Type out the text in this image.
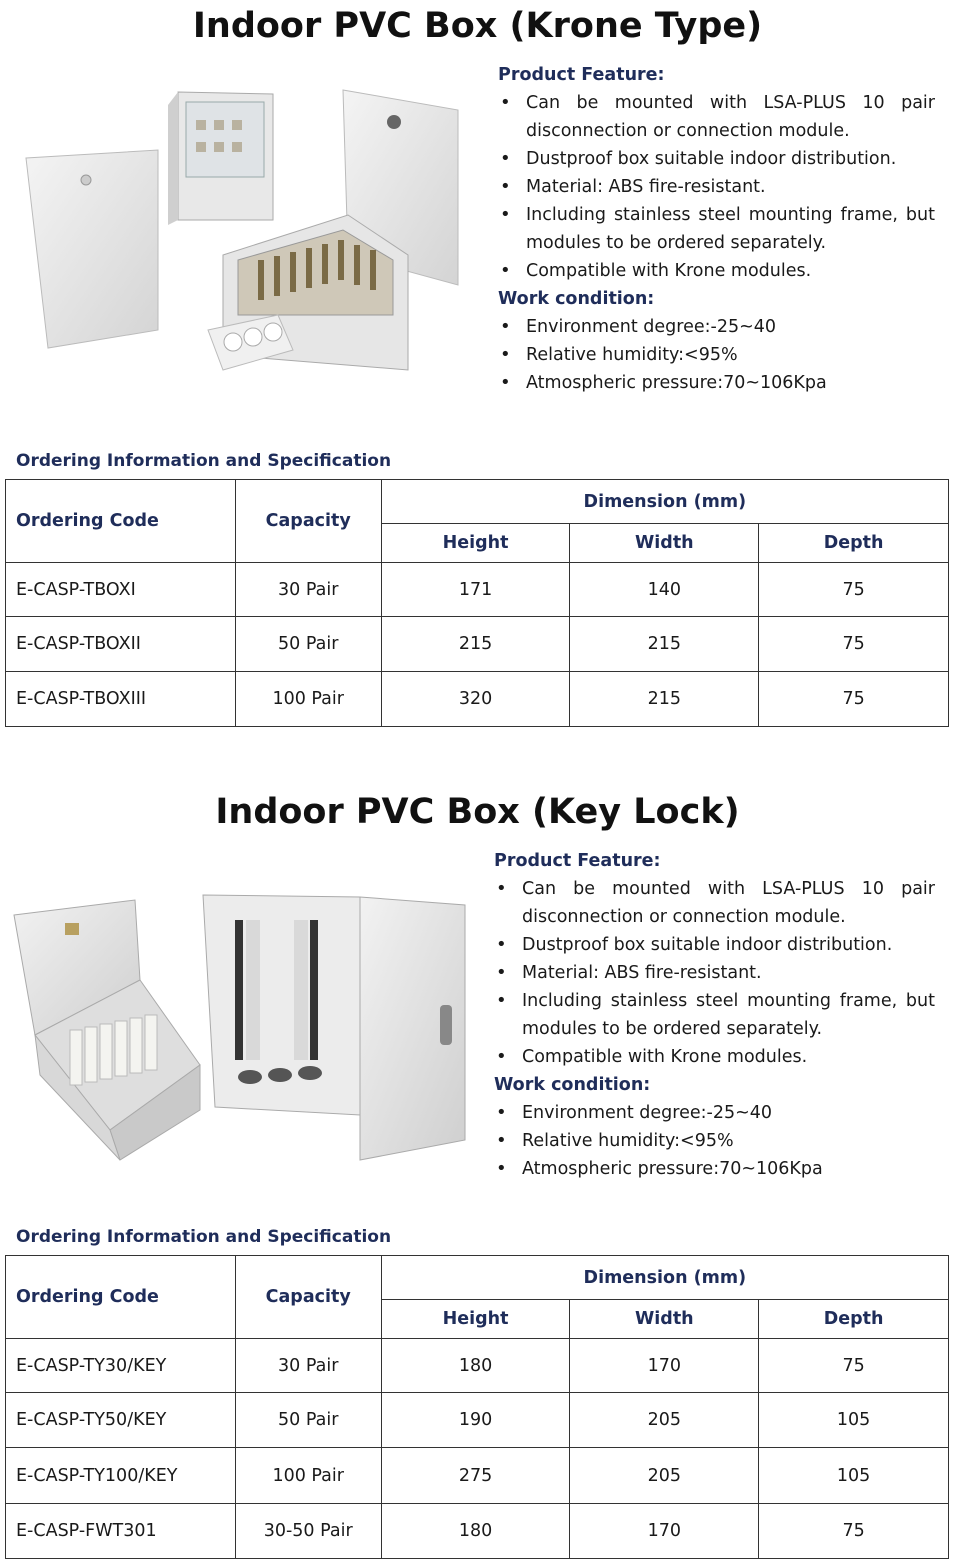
Indoor PVC Box (Krone Type)
Product Feature:
• Can be mounted with LSA-PLUS 10 pair disconnection or connection module.
• Dustproof box suitable indoor distribution.
• Material: ABS fire-resistant.
• Including stainless steel mounting frame, but modules to be ordered separately.
• Compatible with Krone modules.
Work condition:
• Environment degree:-25~40
• Relative humidity:<95%
• Atmospheric pressure:70~106Kpa
Ordering Information and Specification
Ordering Code	Capacity	Dimension (mm)		
		Height	Width	Depth
E-CASP-TBOXI	30 Pair	171	140	75
E-CASP-TBOXII	50 Pair	215	215	75
E-CASP-TBOXIII	100 Pair	320	215	75
Indoor PVC Box (Key Lock)
Product Feature:
• Can be mounted with LSA-PLUS 10 pair disconnection or connection module.
• Dustproof box suitable indoor distribution.
• Material: ABS fire-resistant.
• Including stainless steel mounting frame, but modules to be ordered separately.
• Compatible with Krone modules.
Work condition:
• Environment degree:-25~40
• Relative humidity:<95%
• Atmospheric pressure:70~106Kpa
Ordering Information and Specification
Ordering Code	Capacity	Dimension (mm)		
		Height	Width	Depth
E-CASP-TY30/KEY	30 Pair	180	170	75
E-CASP-TY50/KEY	50 Pair	190	205	105
E-CASP-TY100/KEY	100 Pair	275	205	105
E-CASP-FWT301	30-50 Pair	180	170	75
